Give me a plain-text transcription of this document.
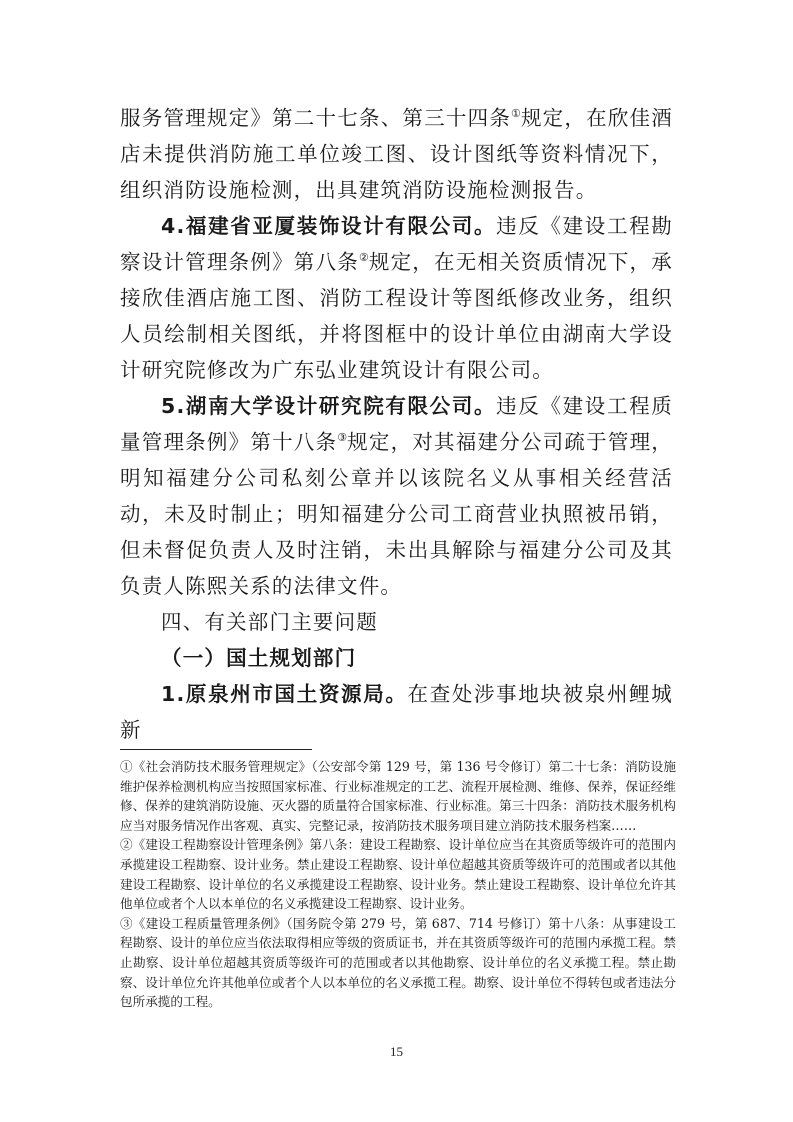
服务管理规定》第二十七条、第三十四条①规定，在欣佳酒店未提供消防施工单位竣工图、设计图纸等资料情况下，组织消防设施检测，出具建筑消防设施检测报告。

4.福建省亚厦装饰设计有限公司。违反《建设工程勘察设计管理条例》第八条②规定，在无相关资质情况下，承接欣佳酒店施工图、消防工程设计等图纸修改业务，组织人员绘制相关图纸，并将图框中的设计单位由湖南大学设计研究院修改为广东弘业建筑设计有限公司。

5.湖南大学设计研究院有限公司。违反《建设工程质量管理条例》第十八条③规定，对其福建分公司疏于管理，明知福建分公司私刻公章并以该院名义从事相关经营活动，未及时制止；明知福建分公司工商营业执照被吊销，但未督促负责人及时注销，未出具解除与福建分公司及其负责人陈熙关系的法律文件。

四、有关部门主要问题

（一）国土规划部门

1.原泉州市国土资源局。在查处涉事地块被泉州鲤城新

①《社会消防技术服务管理规定》（公安部令第 129 号，第 136 号令修订）第二十七条：消防设施维护保养检测机构应当按照国家标准、行业标准规定的工艺、流程开展检测、维修、保养，保证经维修、保养的建筑消防设施、灭火器的质量符合国家标准、行业标准。第三十四条：消防技术服务机构应当对服务情况作出客观、真实、完整记录，按消防技术服务项目建立消防技术服务档案……

②《建设工程勘察设计管理条例》第八条：建设工程勘察、设计单位应当在其资质等级许可的范围内承揽建设工程勘察、设计业务。禁止建设工程勘察、设计单位超越其资质等级许可的范围或者以其他建设工程勘察、设计单位的名义承揽建设工程勘察、设计业务。禁止建设工程勘察、设计单位允许其他单位或者个人以本单位的名义承揽建设工程勘察、设计业务。

③《建设工程质量管理条例》（国务院令第 279 号，第 687、714 号修订）第十八条：从事建设工程勘察、设计的单位应当依法取得相应等级的资质证书，并在其资质等级许可的范围内承揽工程。禁止勘察、设计单位超越其资质等级许可的范围或者以其他勘察、设计单位的名义承揽工程。禁止勘察、设计单位允许其他单位或者个人以本单位的名义承揽工程。勘察、设计单位不得转包或者违法分包所承揽的工程。

15
